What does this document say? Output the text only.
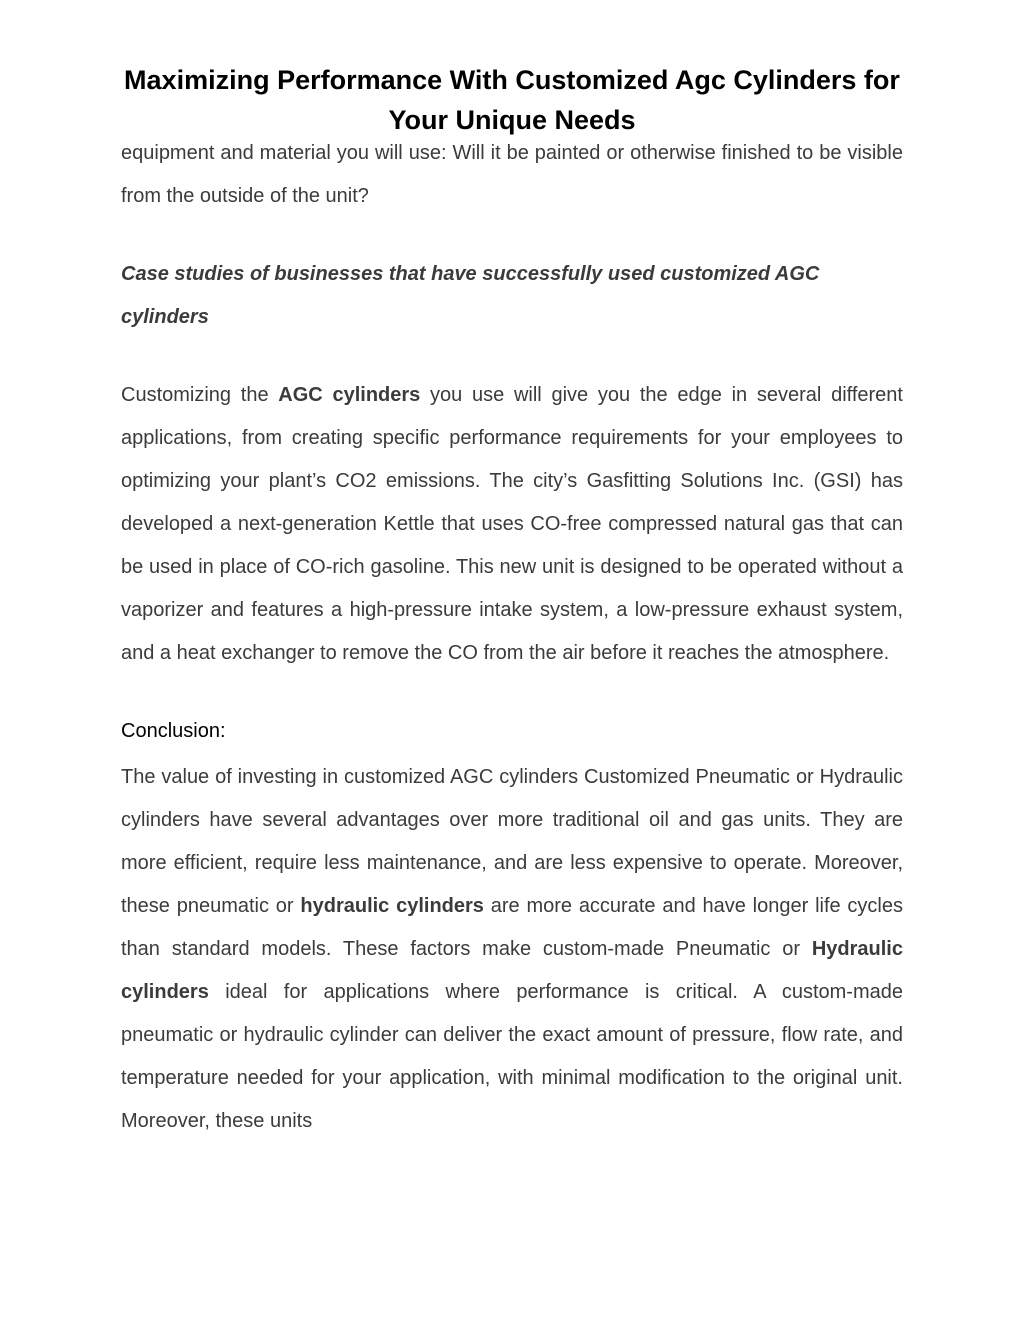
Maximizing Performance With Customized Agc Cylinders for Your Unique Needs

equipment and material you will use: Will it be painted or otherwise finished to be visible from the outside of the unit?

Case studies of businesses that have successfully used customized AGC cylinders

Customizing the AGC cylinders you use will give you the edge in several different applications, from creating specific performance requirements for your employees to optimizing your plant’s CO2 emissions. The city’s Gasfitting Solutions Inc. (GSI) has developed a next-generation Kettle that uses CO-free compressed natural gas that can be used in place of CO-rich gasoline. This new unit is designed to be operated without a vaporizer and features a high-pressure intake system, a low-pressure exhaust system, and a heat exchanger to remove the CO from the air before it reaches the atmosphere.

Conclusion:

The value of investing in customized AGC cylinders Customized Pneumatic or Hydraulic cylinders have several advantages over more traditional oil and gas units. They are more efficient, require less maintenance, and are less expensive to operate. Moreover, these pneumatic or hydraulic cylinders are more accurate and have longer life cycles than standard models. These factors make custom-made Pneumatic or Hydraulic cylinders ideal for applications where performance is critical. A custom-made pneumatic or hydraulic cylinder can deliver the exact amount of pressure, flow rate, and temperature needed for your application, with minimal modification to the original unit. Moreover, these units
